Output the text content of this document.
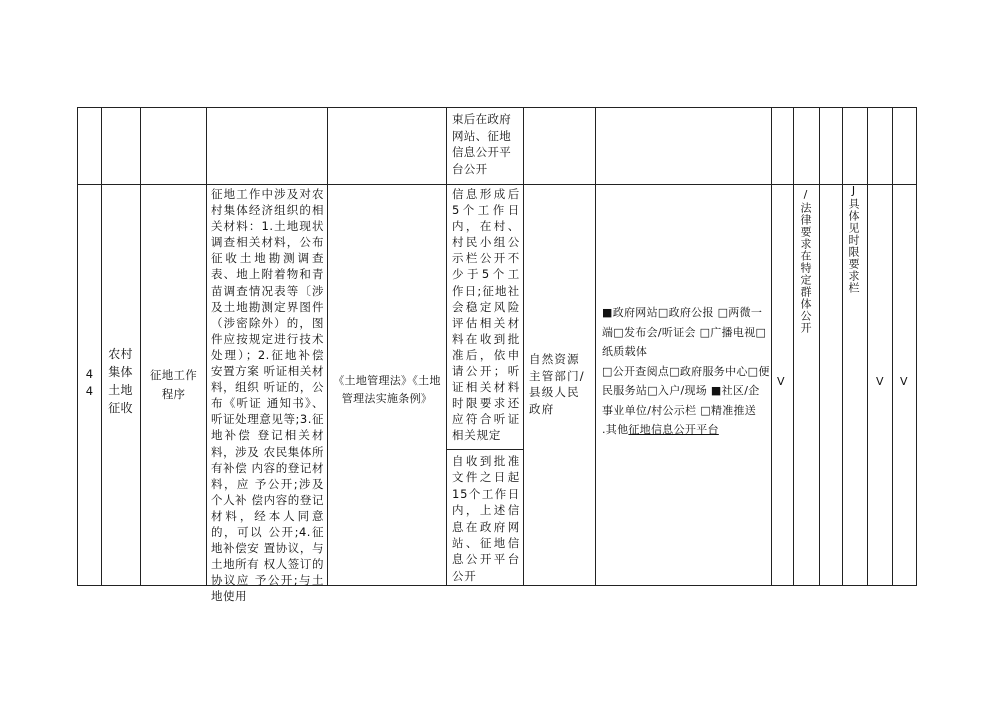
束后在政府
网站、征地
信息公开平
台公开
4
4
农村
集体
土地
征收
征地工作
程序
征地工作中涉及对农村集体经济组织的相关材料：1.土地现状调查相关材料，公布征收土地勘测调查表、地上附着物和青苗调查情况表等〔涉及土地勘测定界图件（涉密除外）的，图件应按规定进行技术处理）；2.征地补偿安置方案 听证相关材料，组织 听证的，公布《听证 通知书》、听证处理意见等;3.征地补偿 登记相关材料，涉及 农民集体所有补偿 内容的登记材料，应 予公开;涉及个人补 偿内容的登记材料，经本人同意的，可以 公开;4.征地补偿安 置协议，与土地所有 权人签订的协议应 予公开;与土地使用
《土地管理法》《土地管理法实施条例》
信息形成后5个工作日内，在村、村民小组公示栏公开不少于5个工作日;征地社会稳定风险评估相关材料在收到批准后，依申请公开；听证相关材料时限要求还应符合听证相关规定
自收到批准文件之日起15个工作日内，上述信息在政府网站、征地信息公开平台公开
自然资源主管部门/县级人民政府
■政府网站□政府公报 □两微一端□发布会/听证会 □广播电视□纸质载体
□公开查阅点□政府服务中心□便民服务站□入户/现场 ■社区/企事业单位/村公示栏 □精准推送
.其他征地信息公开平台
V
/法律要求在特定群体公开	J具体见时限要求栏
V V
